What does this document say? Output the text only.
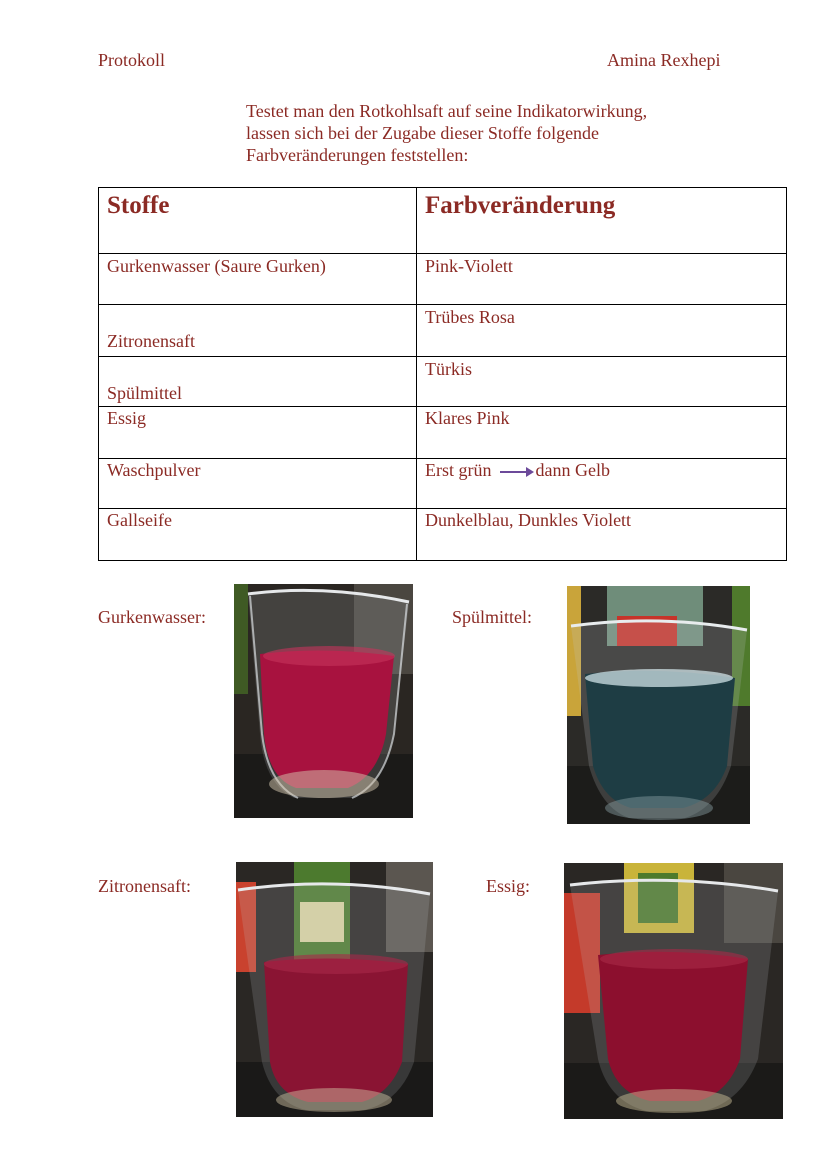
Protokoll	Amina Rexhepi
Testet man den Rotkohlsaft auf seine Indikatorwirkung,
lassen sich bei der Zugabe dieser Stoffe folgende
Farbveränderungen feststellen:
Stoffe	Farbveränderung
Gurkenwasser (Saure Gurken)	Pink-Violett
Zitronensaft	Trübes Rosa
Spülmittel	Türkis
Essig	Klares Pink
Waschpulver	Erst grün dann Gelb
Gallseife	Dunkelblau, Dunkles Violett
Gurkenwasser:	Spülmittel:
Zitronensaft:	Essig:
